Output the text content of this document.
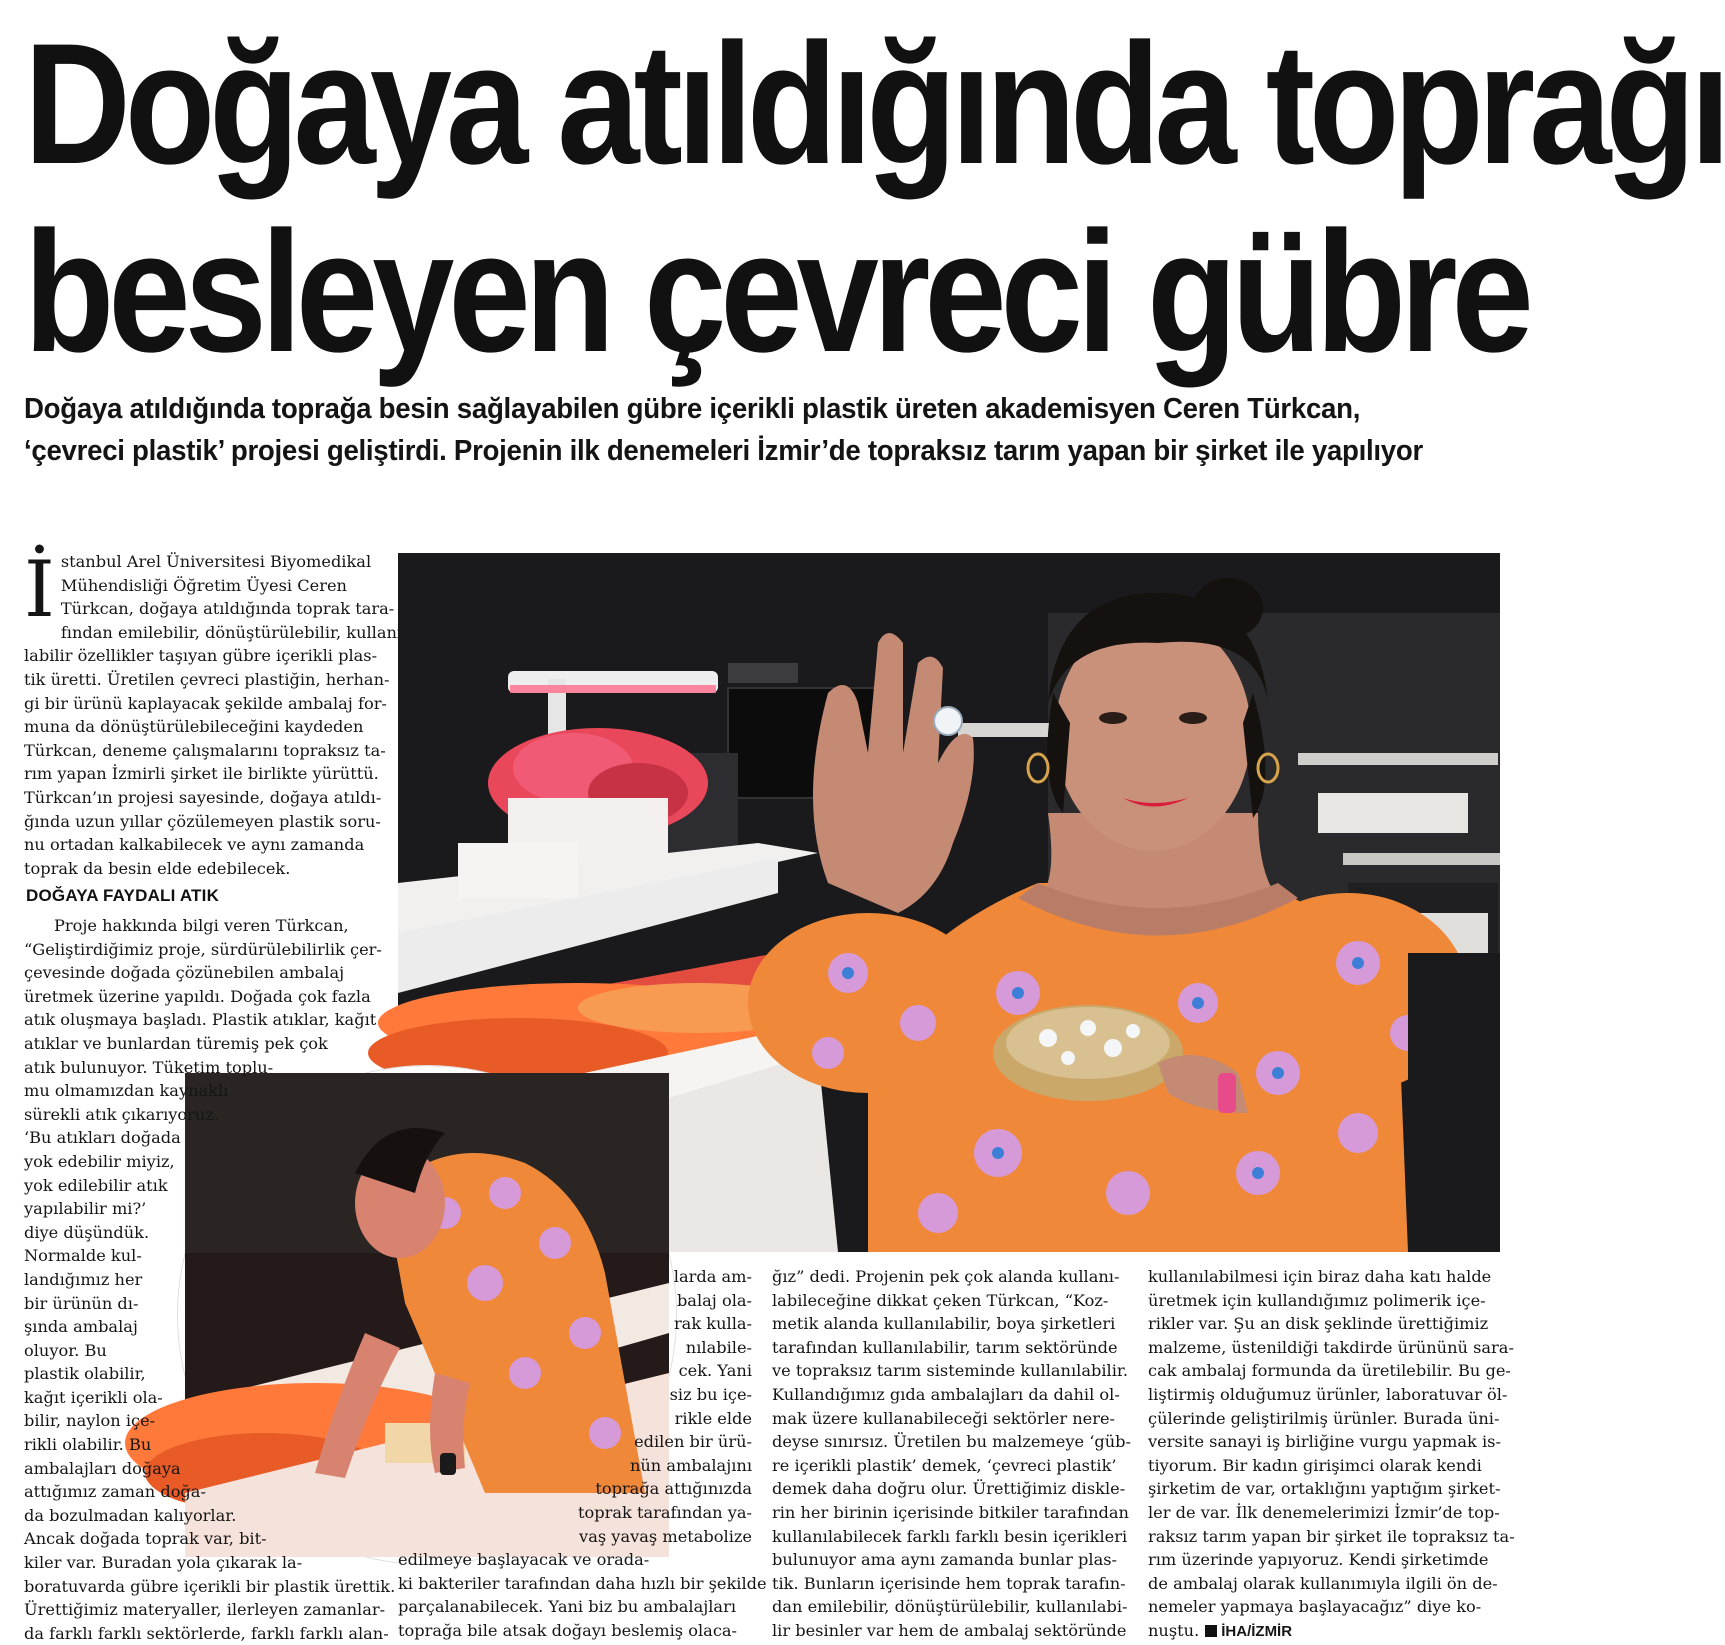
Doğaya atıldığında toprağı
besleyen çevreci gübre
Doğaya atıldığında toprağa besin sağlayabilen gübre içerikli plastik üreten akademisyen Ceren Türkcan,
‘çevreci plastik’ projesi geliştirdi. Projenin ilk denemeleri İzmir’de topraksız tarım yapan bir şirket ile yapılıyor
İ stanbul Arel Üniversitesi Biyomedikal
Mühendisliği Öğretim Üyesi Ceren
Türkcan, doğaya atıldığında toprak tara-
fından emilebilir, dönüştürülebilir, kullanı-
labilir özellikler taşıyan gübre içerikli plas-
tik üretti. Üretilen çevreci plastiğin, herhan-
gi bir ürünü kaplayacak şekilde ambalaj for-
muna da dönüştürülebileceğini kaydeden
Türkcan, deneme çalışmalarını topraksız ta-
rım yapan İzmirli şirket ile birlikte yürüttü.
Türkcan’ın projesi sayesinde, doğaya atıldı-
ğında uzun yıllar çözülemeyen plastik soru-
nu ortadan kalkabilecek ve aynı zamanda
toprak da besin elde edebilecek.
DOĞAYA FAYDALI ATIK
Proje hakkında bilgi veren Türkcan,
“Geliştirdiğimiz proje, sürdürülebilirlik çer-
çevesinde doğada çözünebilen ambalaj
üretmek üzerine yapıldı. Doğada çok fazla
atık oluşmaya başladı. Plastik atıklar, kağıt
atıklar ve bunlardan türemiş pek çok
atık bulunuyor. Tüketim toplu-
mu olmamızdan kaynaklı
sürekli atık çıkarıyoruz.
‘Bu atıkları doğada
yok edebilir miyiz,
yok edilebilir atık
yapılabilir mi?’
diye düşündük.
Normalde kul-
landığımız her
bir ürünün dı-
şında ambalaj
oluyor. Bu
plastik olabilir,
kağıt içerikli ola-
bilir, naylon içe-
rikli olabilir. Bu
ambalajları doğaya
attığımız zaman doğa-
da bozulmadan kalıyorlar.
Ancak doğada toprak var, bit-
kiler var. Buradan yola çıkarak la-
boratuvarda gübre içerikli bir plastik ürettik.
Ürettiğimiz materyaller, ilerleyen zamanlar-
da farklı farklı sektörlerde, farklı farklı alan-
larda am-
balaj ola-
rak kulla-
nılabile-
cek. Yani
siz bu içe-
rikle elde
edilen bir ürü-
nün ambalajını
toprağa attığınızda
toprak tarafından ya-
vaş yavaş metabolize
edilmeye başlayacak ve orada-
ki bakteriler tarafından daha hızlı bir şekilde
parçalanabilecek. Yani biz bu ambalajları
toprağa bile atsak doğayı beslemiş olaca-
ğız” dedi. Projenin pek çok alanda kullanı-
labileceğine dikkat çeken Türkcan, “Koz-
metik alanda kullanılabilir, boya şirketleri
tarafından kullanılabilir, tarım sektöründe
ve topraksız tarım sisteminde kullanılabilir.
Kullandığımız gıda ambalajları da dahil ol-
mak üzere kullanabileceği sektörler nere-
deyse sınırsız. Üretilen bu malzemeye ‘güb-
re içerikli plastik’ demek, ‘çevreci plastik’
demek daha doğru olur. Ürettiğimiz diskle-
rin her birinin içerisinde bitkiler tarafından
kullanılabilecek farklı farklı besin içerikleri
bulunuyor ama aynı zamanda bunlar plas-
tik. Bunların içerisinde hem toprak tarafın-
dan emilebilir, dönüştürülebilir, kullanılabi-
lir besinler var hem de ambalaj sektöründe
kullanılabilmesi için biraz daha katı halde
üretmek için kullandığımız polimerik içe-
rikler var. Şu an disk şeklinde ürettiğimiz
malzeme, üstenildiği takdirde ürününü sara-
cak ambalaj formunda da üretilebilir. Bu ge-
liştirmiş olduğumuz ürünler, laboratuvar öl-
çülerinde geliştirilmiş ürünler. Burada üni-
versite sanayi iş birliğine vurgu yapmak is-
tiyorum. Bir kadın girişimci olarak kendi
şirketim de var, ortaklığını yaptığım şirket-
ler de var. İlk denemelerimizi İzmir’de top-
raksız tarım yapan bir şirket ile topraksız ta-
rım üzerinde yapıyoruz. Kendi şirketimde
de ambalaj olarak kullanımıyla ilgili ön de-
nemeler yapmaya başlayacağız” diye ko-
nuştu. İHA/İZMİR
